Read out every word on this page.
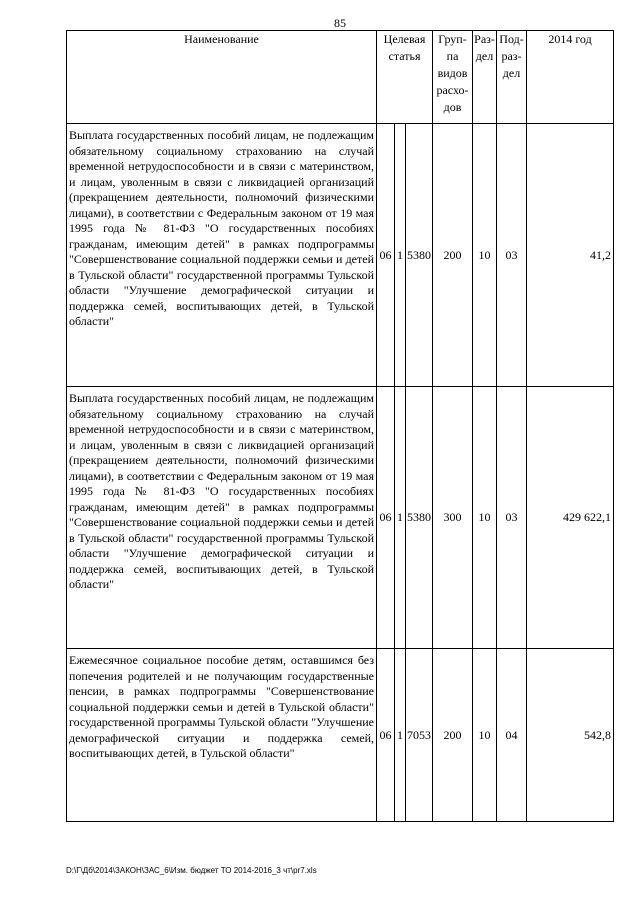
85
Наименование	Целевая статья			Груп-па видов расхо-дов	Раз-дел	Под-раз-дел	2014 год
Выплата государственных пособий лицам, не подлежащим обязательному социальному страхованию на случай временной нетрудоспособности и в связи с материнством, и лицам, уволенным в связи с ликвидацией организаций (прекращением деятельности, полномочий физическими лицами), в соответствии с Федеральным законом от 19 мая 1995 года № 81-ФЗ "О государственных пособиях гражданам, имеющим детей" в рамках подпрограммы "Совершенствование социальной поддержки семьи и детей в Тульской области" государственной программы Тульской области "Улучшение демографической ситуации и поддержка семей, воспитывающих детей, в Тульской области"	06	1	5380	200	10	03	41,2
Выплата государственных пособий лицам, не подлежащим обязательному социальному страхованию на случай временной нетрудоспособности и в связи с материнством, и лицам, уволенным в связи с ликвидацией организаций (прекращением деятельности, полномочий физическими лицами), в соответствии с Федеральным законом от 19 мая 1995 года № 81-ФЗ "О государственных пособиях гражданам, имеющим детей" в рамках подпрограммы "Совершенствование социальной поддержки семьи и детей в Тульской области" государственной программы Тульской области "Улучшение демографической ситуации и поддержка семей, воспитывающих детей, в Тульской области"	06	1	5380	300	10	03	429 622,1
Ежемесячное социальное пособие детям, оставшимся без попечения родителей и не получающим государственные пенсии, в рамках подпрограммы "Совершенствование социальной поддержки семьи и детей в Тульской области" государственной программы Тульской области "Улучшение демографической ситуации и поддержка семей, воспитывающих детей, в Тульской области"	06	1	7053	200	10	04	542,8
D:\Г\Дб\2014\ЗАКОН\ЗАС_6\Изм. бюджет ТО 2014-2016_3 чт\pr7.xls
